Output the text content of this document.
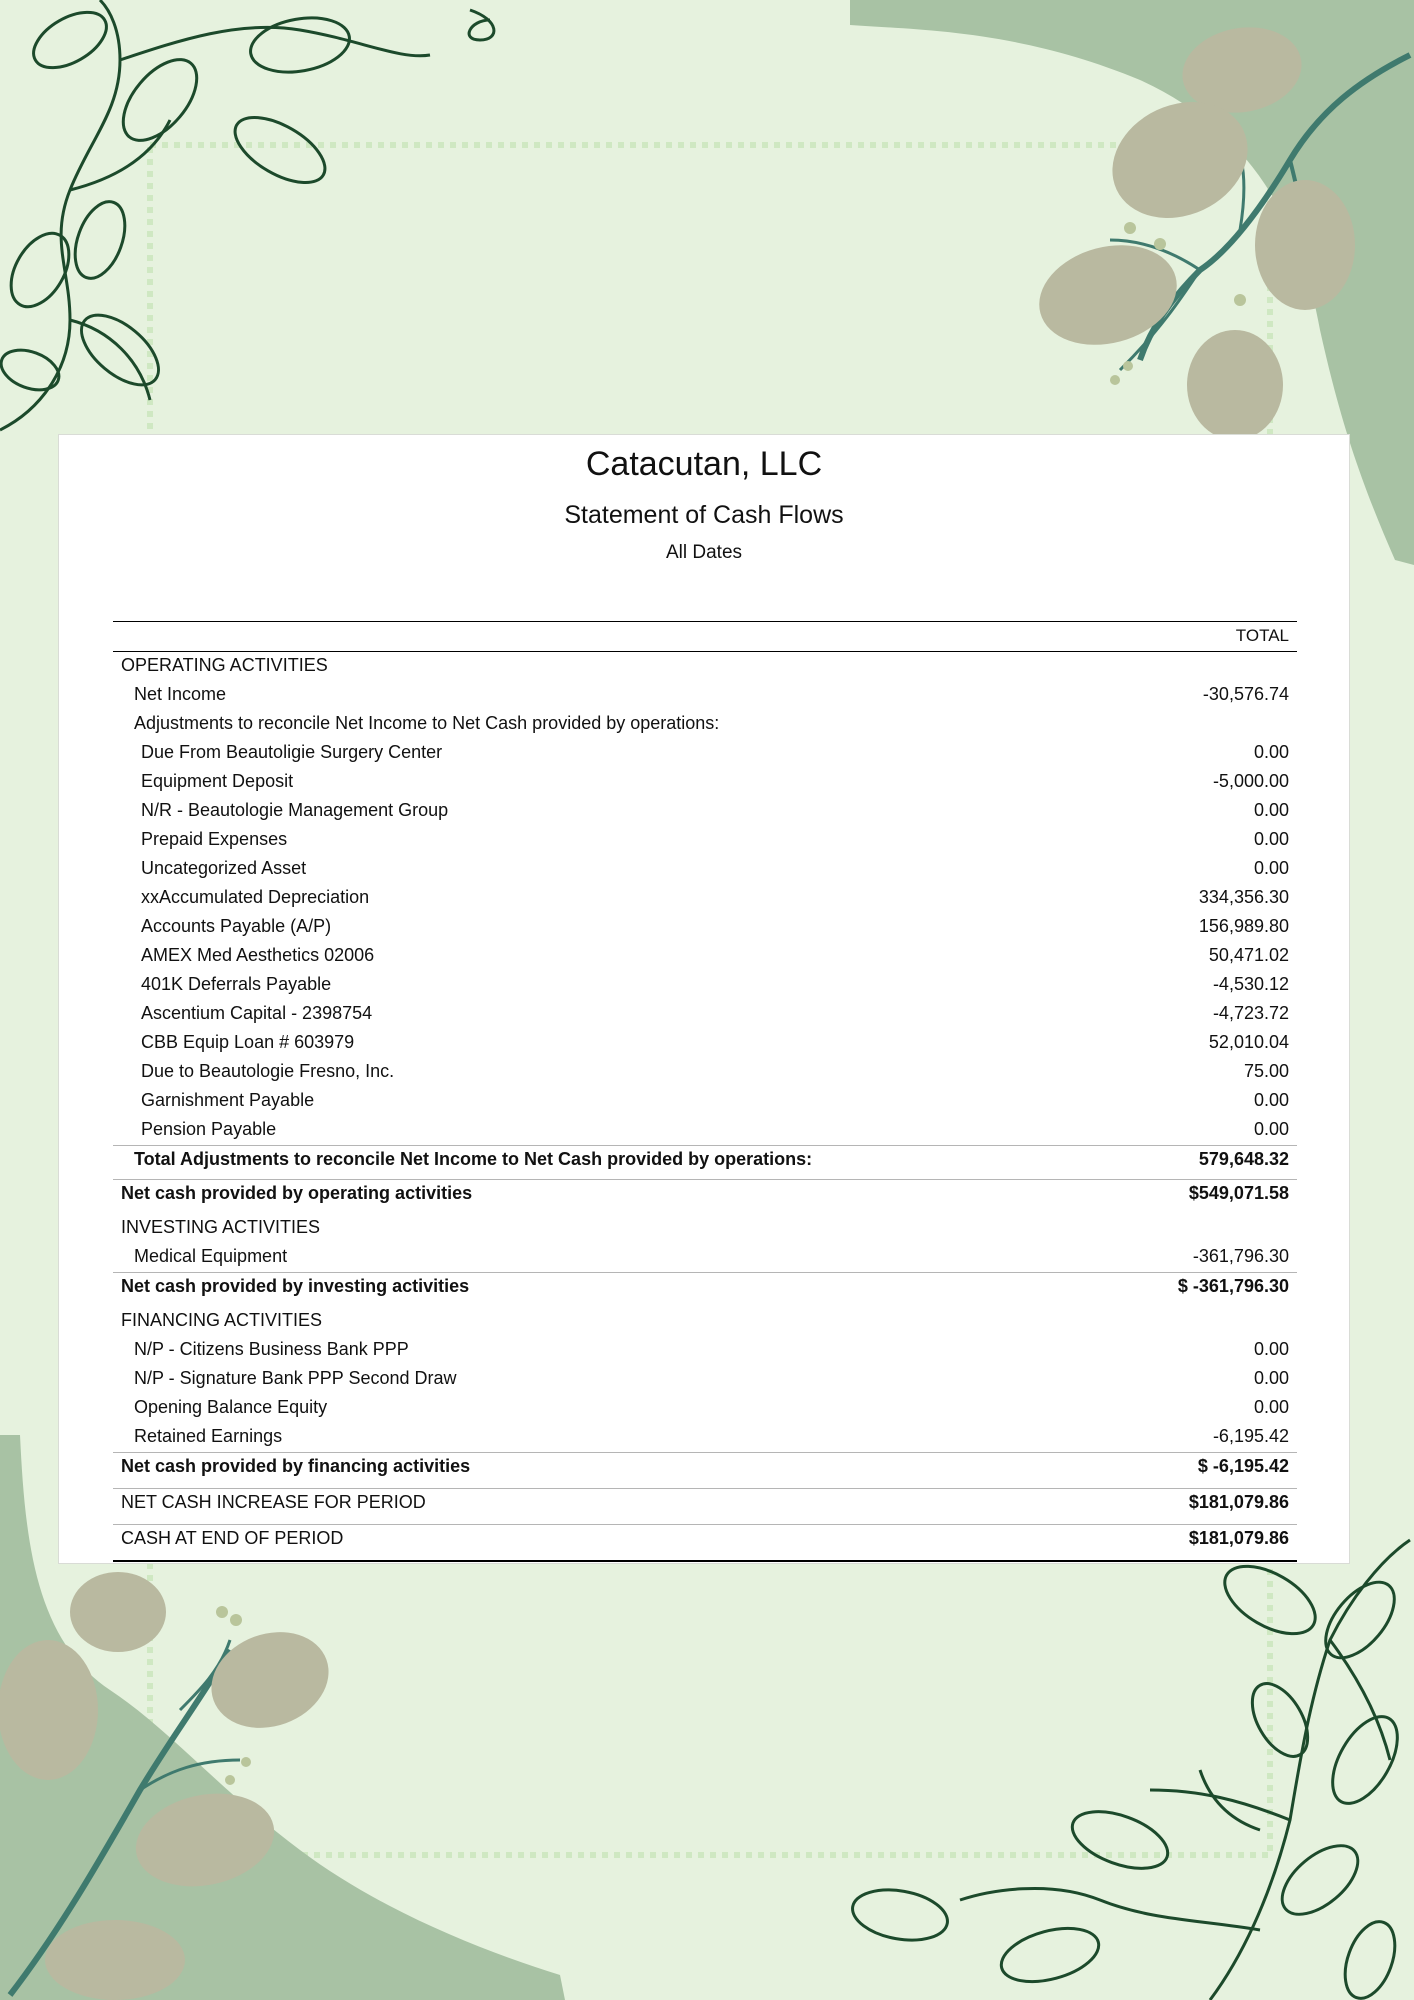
Catacutan, LLC
Statement of Cash Flows
All Dates
TOTAL
OPERATING ACTIVITIES
Net Income	-30,576.74
Adjustments to reconcile Net Income to Net Cash provided by operations:
Due From Beautoligie Surgery Center	0.00
Equipment Deposit	-5,000.00
N/R - Beautologie Management Group	0.00
Prepaid Expenses	0.00
Uncategorized Asset	0.00
xxAccumulated Depreciation	334,356.30
Accounts Payable (A/P)	156,989.80
AMEX Med Aesthetics 02006	50,471.02
401K Deferrals Payable	-4,530.12
Ascentium Capital - 2398754	-4,723.72
CBB Equip Loan # 603979	52,010.04
Due to Beautologie Fresno, Inc.	75.00
Garnishment Payable	0.00
Pension Payable	0.00
Total Adjustments to reconcile Net Income to Net Cash provided by operations:	579,648.32
Net cash provided by operating activities	$549,071.58
INVESTING ACTIVITIES
Medical Equipment	-361,796.30
Net cash provided by investing activities	$ -361,796.30
FINANCING ACTIVITIES
N/P - Citizens Business Bank PPP	0.00
N/P - Signature Bank PPP Second Draw	0.00
Opening Balance Equity	0.00
Retained Earnings	-6,195.42
Net cash provided by financing activities	$ -6,195.42
NET CASH INCREASE FOR PERIOD	$181,079.86
CASH AT END OF PERIOD	$181,079.86
